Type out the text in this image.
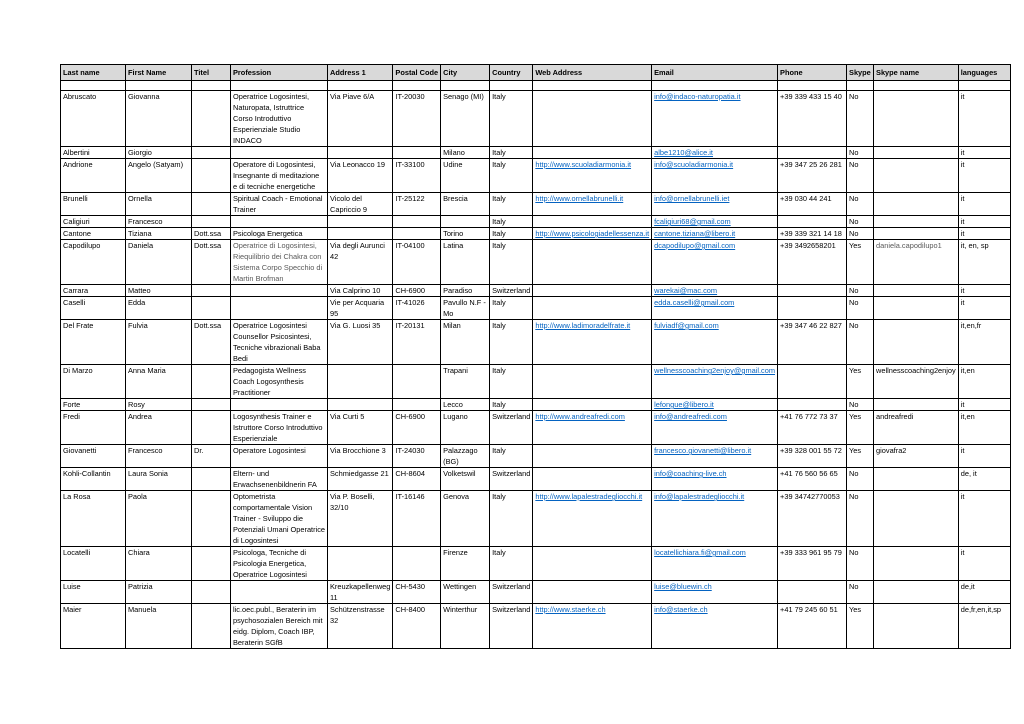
Last name	First Name	Titel	Profession	Address 1	Postal Code	City	Country	Web Address	Email	Phone	Skype	Skype name	languages

Abruscato	Giovanna		Operatrice Logosintesi, Naturopata, Istruttrice Corso Introduttivo Esperienziale Studio INDACO	Via Piave 6/A	IT-20030	Senago (MI)	Italy		info@indaco-naturopatia.it	+39 339 433 15 40	No		it
Albertini	Giorgio					Milano	Italy		albe1210@alice.it		No		it
Andrione	Angelo (Satyam)		Operatore di Logosintesi, Insegnante di meditazione e di tecniche energetiche	Via Leonacco 19	IT-33100	Udine	Italy	http://www.scuoladiarmonia.it	info@scuoladiarmonia.it	+39 347 25 26 281	No		it
Brunelli	Ornella		Spiritual Coach - Emotional Trainer	Vicolo del Capriccio 9	IT-25122	Brescia	Italy	http://www.ornellabrunelli.it	info@ornellabrunelli.iet	+39 030 44 241	No		it
Caligiuri	Francesco						Italy		fcaligiuri68@gmail.com		No		it
Cantone	Tiziana	Dott.ssa	Psicologa Energetica			Torino	Italy	http://www.psicologiadellessenza.it	cantone.tiziana@libero.it	+39 339 321 14 18	No		it
Capodilupo	Daniela	Dott.ssa	Operatrice di Logosintesi, Riequilibrio dei Chakra con Sistema Corpo Specchio di Martin Brofman	Via degli Aurunci 42	IT-04100	Latina	Italy		dcapodilupo@gmail.com	+39 3492658201	Yes	daniela.capodilupo1	it, en, sp
Carrara	Matteo			Via Calprino 10	CH-6900	Paradiso	Switzerland		warekai@mac.com		No		it
Caselli	Edda			Vie per Acquaria 95	IT-41026	Pavullo N.F - Mo	Italy		edda.caselli@gmail.com		No		it
Del Frate	Fulvia	Dott.ssa	Operatrice Logosintesi Counsellor Psicosintesi, Tecniche vibrazionali Baba Bedi	Via G. Luosi 35	IT-20131	Milan	Italy	http://www.ladimoradelfrate.it	fulviadf@gmail.com	+39 347 46 22 827	No		it,en,fr
Di Marzo	Anna Maria		Pedagogista Wellness Coach Logosynthesis Practitioner			Trapani	Italy		wellnesscoaching2enjoy@gmail.com		Yes	wellnesscoaching2enjoy	it,en
Forte	Rosy					Lecco	Italy		lefongue@libero.it		No		it
Fredi	Andrea		Logosynthesis Trainer e Istruttore Corso Introduttivo Esperienziale	Via Curti 5	CH-6900	Lugano	Switzerland	http://www.andreafredi.com	info@andreafredi.com	+41 76 772 73 37	Yes	andreafredi	it,en
Giovanetti	Francesco	Dr.	Operatore Logosintesi	Via Brocchione 3	IT-24030	Palazzago (BG)	Italy		francesco.giovanetti@libero.it	+39 328 001 55 72	Yes	giovafra2	it
Kohli-Collantin	Laura Sonia		Eltern- und Erwachsenenbildnerin FA	Schmiedgasse 21	CH-8604	Volketswil	Switzerland		info@coaching-live.ch	+41 76 560 56 65	No		de, it
La Rosa	Paola		Optometrista comportamentale Vision Trainer - Sviluppo die Potenziali Umani Operatrice di Logosintesi	Via P. Boselli, 32/10	IT-16146	Genova	Italy	http://www.lapalestradegliocchi.it	info@lapalestradegliocchi.it	+39 34742770053	No		it
Locatelli	Chiara		Psicologa, Tecniche di Psicologia Energetica, Operatrice Logosintesi			Firenze	Italy		locatellichiara.fi@gmail.com	+39 333 961 95 79	No		it
Luise	Patrizia			Kreuzkapellenweg 11	CH-5430	Wettingen	Switzerland		luise@bluewin.ch		No		de,it
Maier	Manuela		lic.oec.publ., Beraterin im psychosozialen Bereich mit eidg. Diplom, Coach IBP, Beraterin SGfB	Schützenstrasse 32	CH-8400	Winterthur	Switzerland	http://www.staerke.ch	info@staerke.ch	+41 79 245 60 51	Yes		de,fr,en,it,sp
